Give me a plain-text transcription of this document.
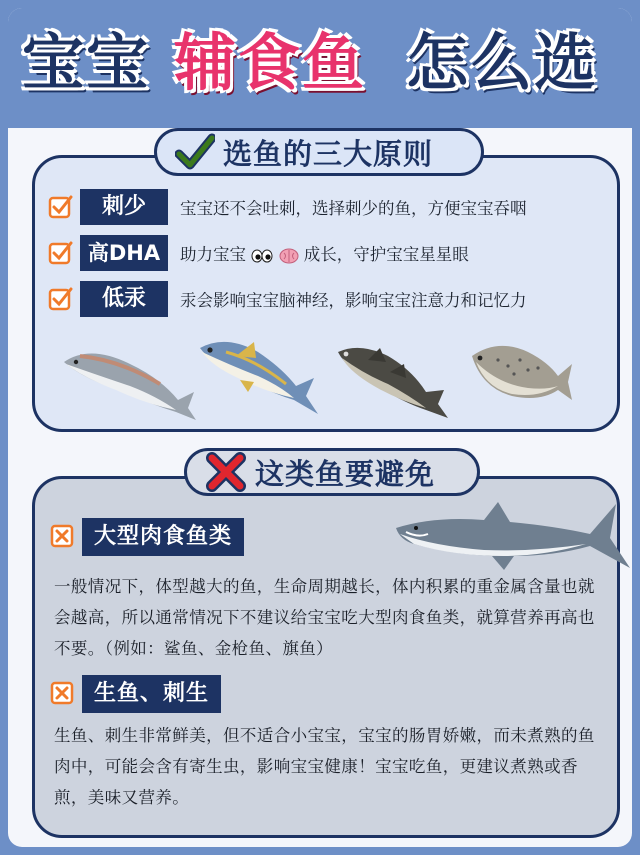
宝宝 辅食鱼 怎么选
选鱼的三大原则
刺少	宝宝还不会吐刺，选择刺少的鱼，方便宝宝吞咽
高DHA	助力宝宝	成长，守护宝宝星星眼
低汞	汞会影响宝宝脑神经，影响宝宝注意力和记忆力
这类鱼要避免
大型肉食鱼类
一般情况下，体型越大的鱼，生命周期越长，体内积累的重金属含量也就会越高，所以通常情况下不建议给宝宝吃大型肉食鱼类，就算营养再高也不要。（例如：鲨鱼、金枪鱼、旗鱼）
生鱼、刺生
生鱼、刺生非常鲜美，但不适合小宝宝，宝宝的肠胃娇嫩，而未煮熟的鱼肉中，可能会含有寄生虫，影响宝宝健康！宝宝吃鱼，更建议煮熟或香煎，美味又营养。
